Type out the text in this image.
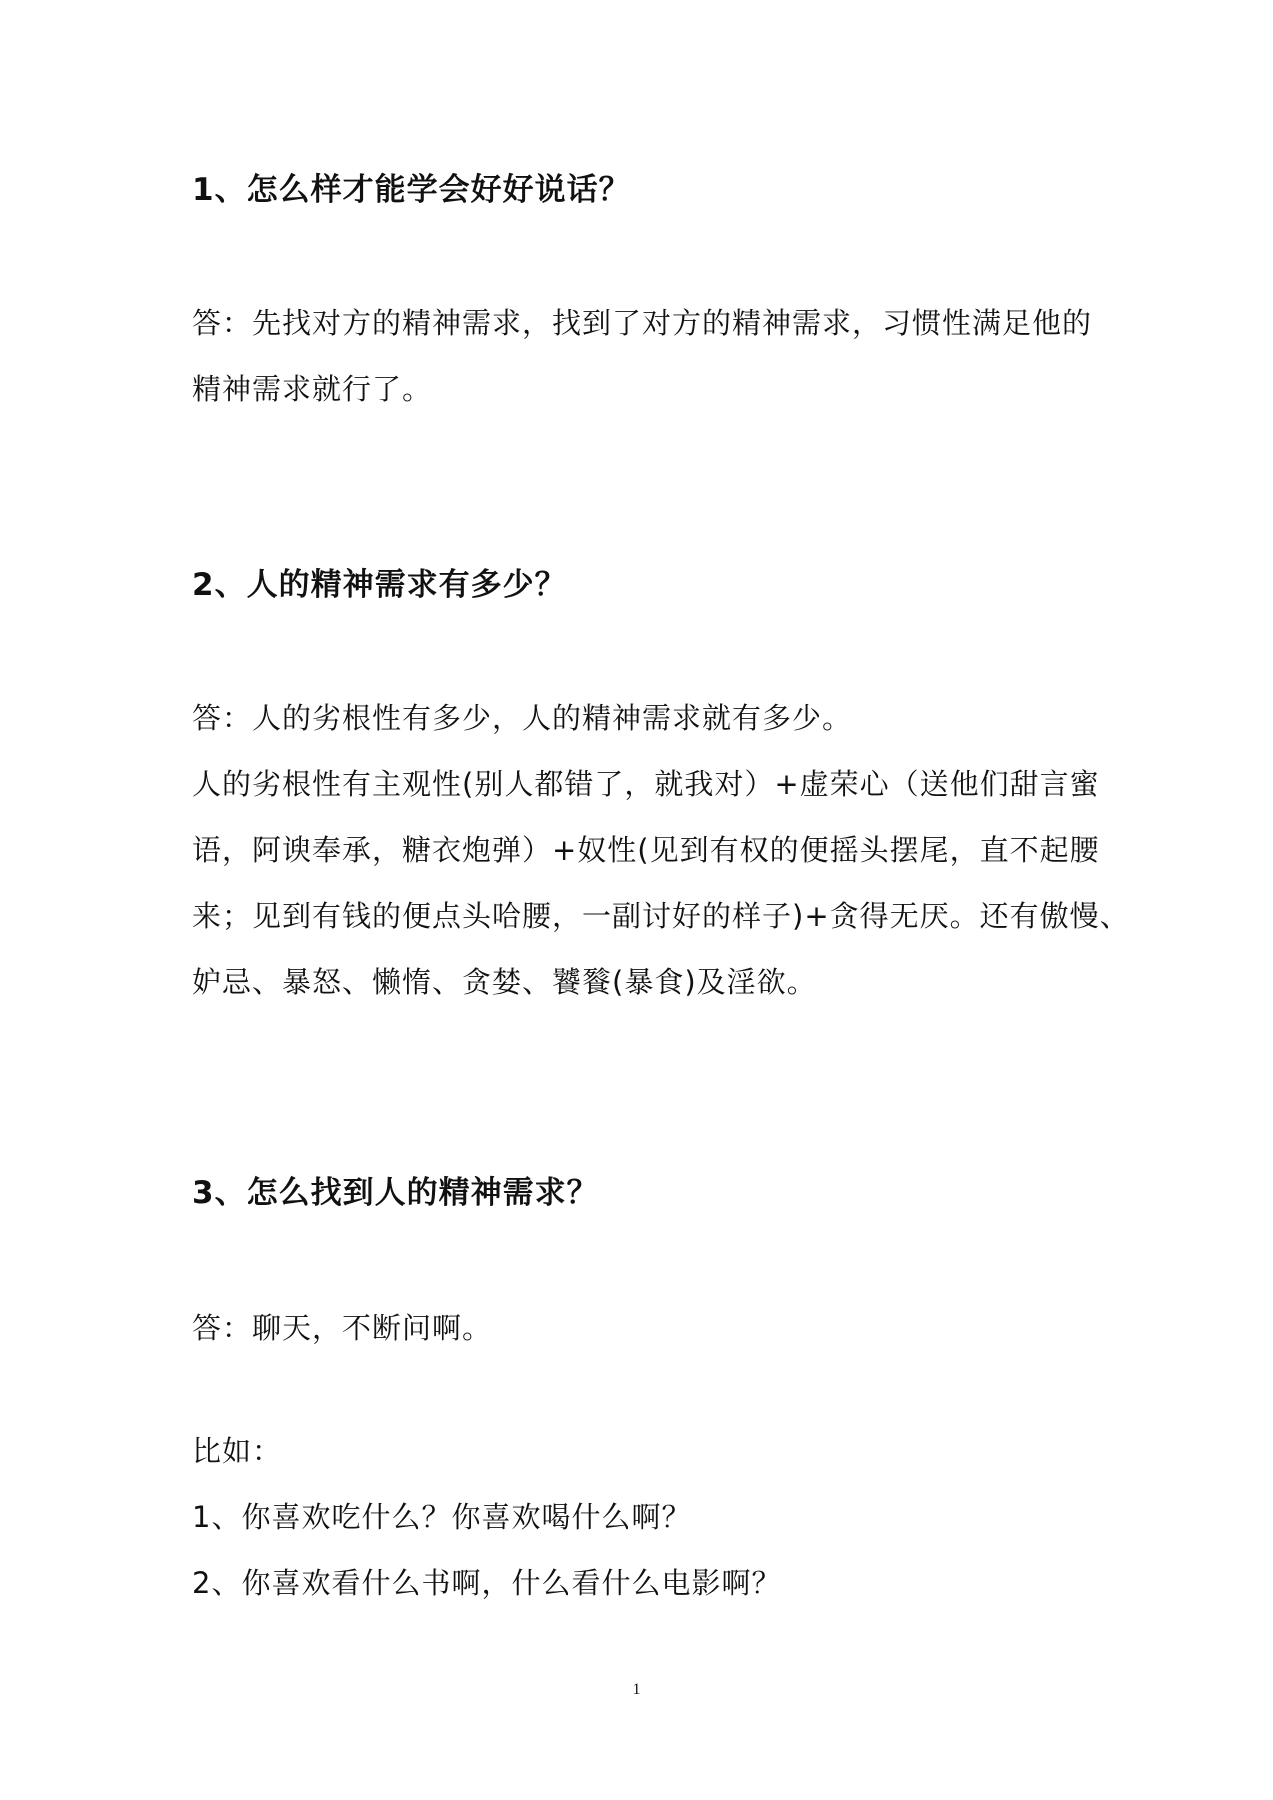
1、怎么样才能学会好好说话？
答：先找对方的精神需求，找到了对方的精神需求，习惯性满足他的
精神需求就行了。
2、人的精神需求有多少？
答：人的劣根性有多少，人的精神需求就有多少。
人的劣根性有主观性(别人都错了，就我对）+虚荣心（送他们甜言蜜
语，阿谀奉承，糖衣炮弹）+奴性(见到有权的便摇头摆尾，直不起腰
来；见到有钱的便点头哈腰，一副讨好的样子)+贪得无厌。还有傲慢、
妒忌、暴怒、懒惰、贪婪、饕餮(暴食)及淫欲。
3、怎么找到人的精神需求？
答：聊天，不断问啊。
比如：
1、你喜欢吃什么？你喜欢喝什么啊？
2、你喜欢看什么书啊，什么看什么电影啊？
1
